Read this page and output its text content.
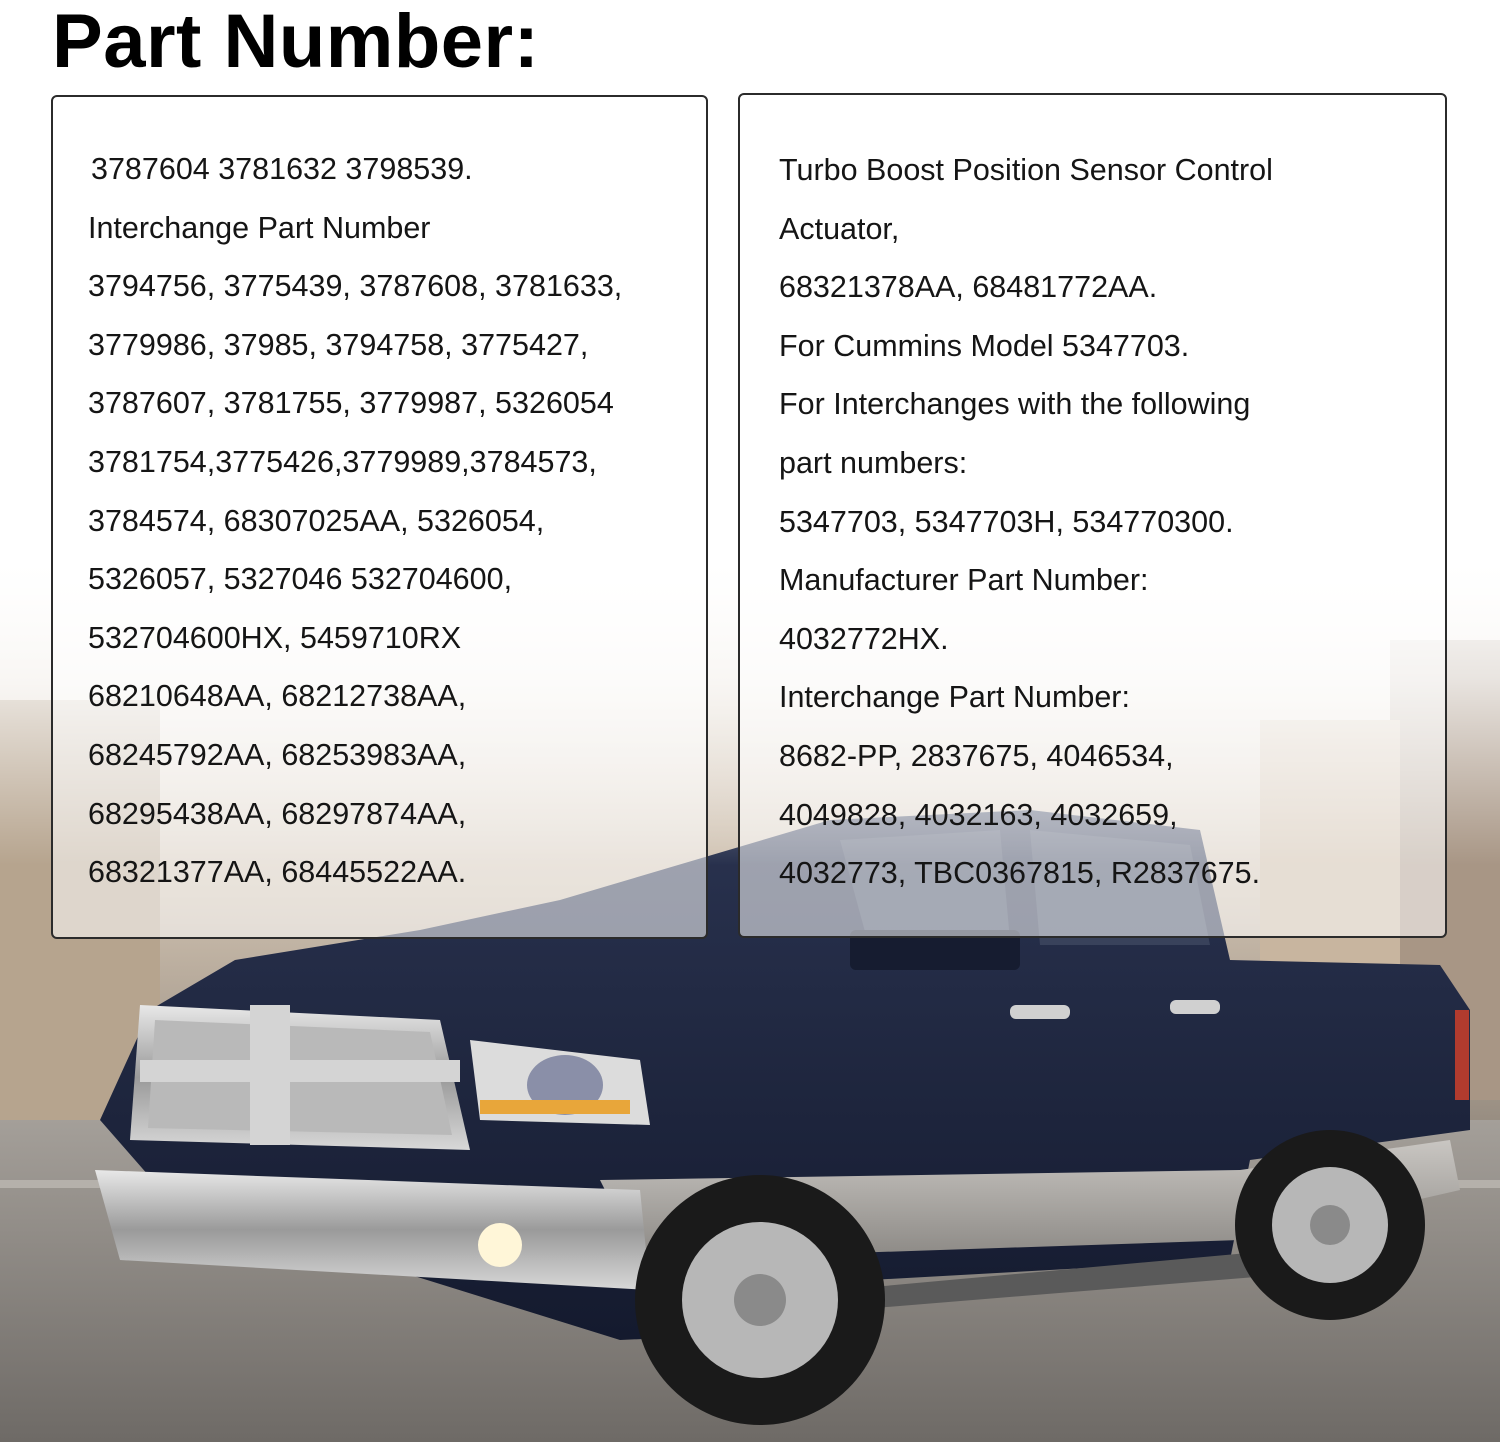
Part Number:
3787604 3781632 3798539.
Interchange Part Number
3794756, 3775439, 3787608, 3781633,
3779986, 37985, 3794758, 3775427,
3787607, 3781755, 3779987, 5326054
3781754,3775426,3779989,3784573,
3784574, 68307025AA, 5326054,
5326057, 5327046 532704600,
532704600HX, 5459710RX
68210648AA, 68212738AA,
68245792AA, 68253983AA,
68295438AA, 68297874AA,
68321377AA, 68445522AA.
Turbo Boost Position Sensor Control
Actuator,
68321378AA, 68481772AA.
For Cummins Model 5347703.
For Interchanges with the following
part numbers:
5347703, 5347703H, 534770300.
Manufacturer Part Number:
4032772HX.
Interchange Part Number:
8682-PP, 2837675, 4046534,
4049828, 4032163, 4032659,
4032773, TBC0367815, R2837675.
